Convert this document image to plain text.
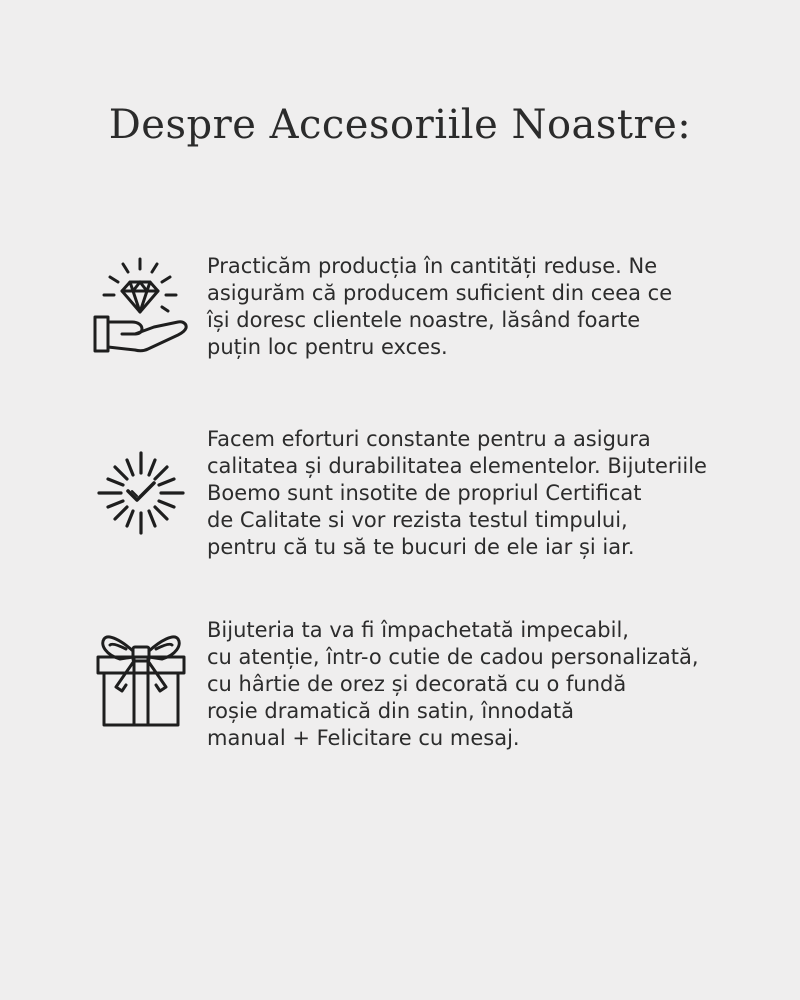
Despre Accesoriile Noastre:

Practicăm producția în cantități reduse. Ne
asigurăm că producem suficient din ceea ce
își doresc clientele noastre, lăsând foarte
puțin loc pentru exces.

Facem eforturi constante pentru a asigura
calitatea și durabilitatea elementelor. Bijuteriile
Boemo sunt insotite de propriul Certificat
de Calitate si vor rezista testul timpului,
pentru că tu să te bucuri de ele iar și iar.

Bijuteria ta va fi împachetată impecabil,
cu atenție, într-o cutie de cadou personalizată,
cu hârtie de orez și decorată cu o fundă
roșie dramatică din satin, înnodată
manual + Felicitare cu mesaj.
